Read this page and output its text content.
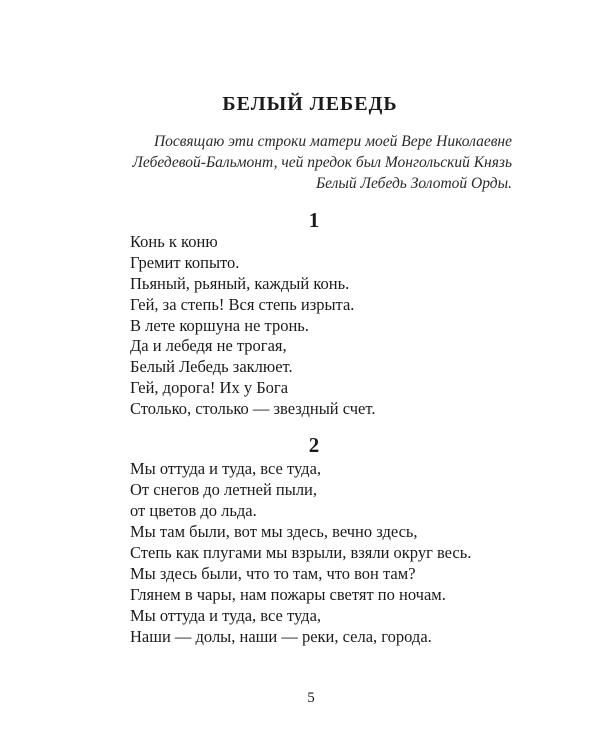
БЕЛЫЙ ЛЕБЕДЬ
Посвящаю эти строки матери моей Вере Николаевне
Лебедевой-Бальмонт, чей предок был Монгольский Князь
Белый Лебедь Золотой Орды.
1
Конь к коню
Гремит копыто.
Пьяный, рьяный, каждый конь.
Гей, за степь! Вся степь изрыта.
В лете коршуна не тронь.
Да и лебедя не трогая,
Белый Лебедь заклюет.
Гей, дорога! Их у Бога
Столько, столько — звездный счет.
2
Мы оттуда и туда, все туда,
От снегов до летней пыли,
от цветов до льда.
Мы там были, вот мы здесь, вечно здесь,
Степь как плугами мы взрыли, взяли округ весь.
Мы здесь были, что то там, что вон там?
Глянем в чары, нам пожары светят по ночам.
Мы оттуда и туда, все туда,
Наши — долы, наши — реки, села, города.
5
